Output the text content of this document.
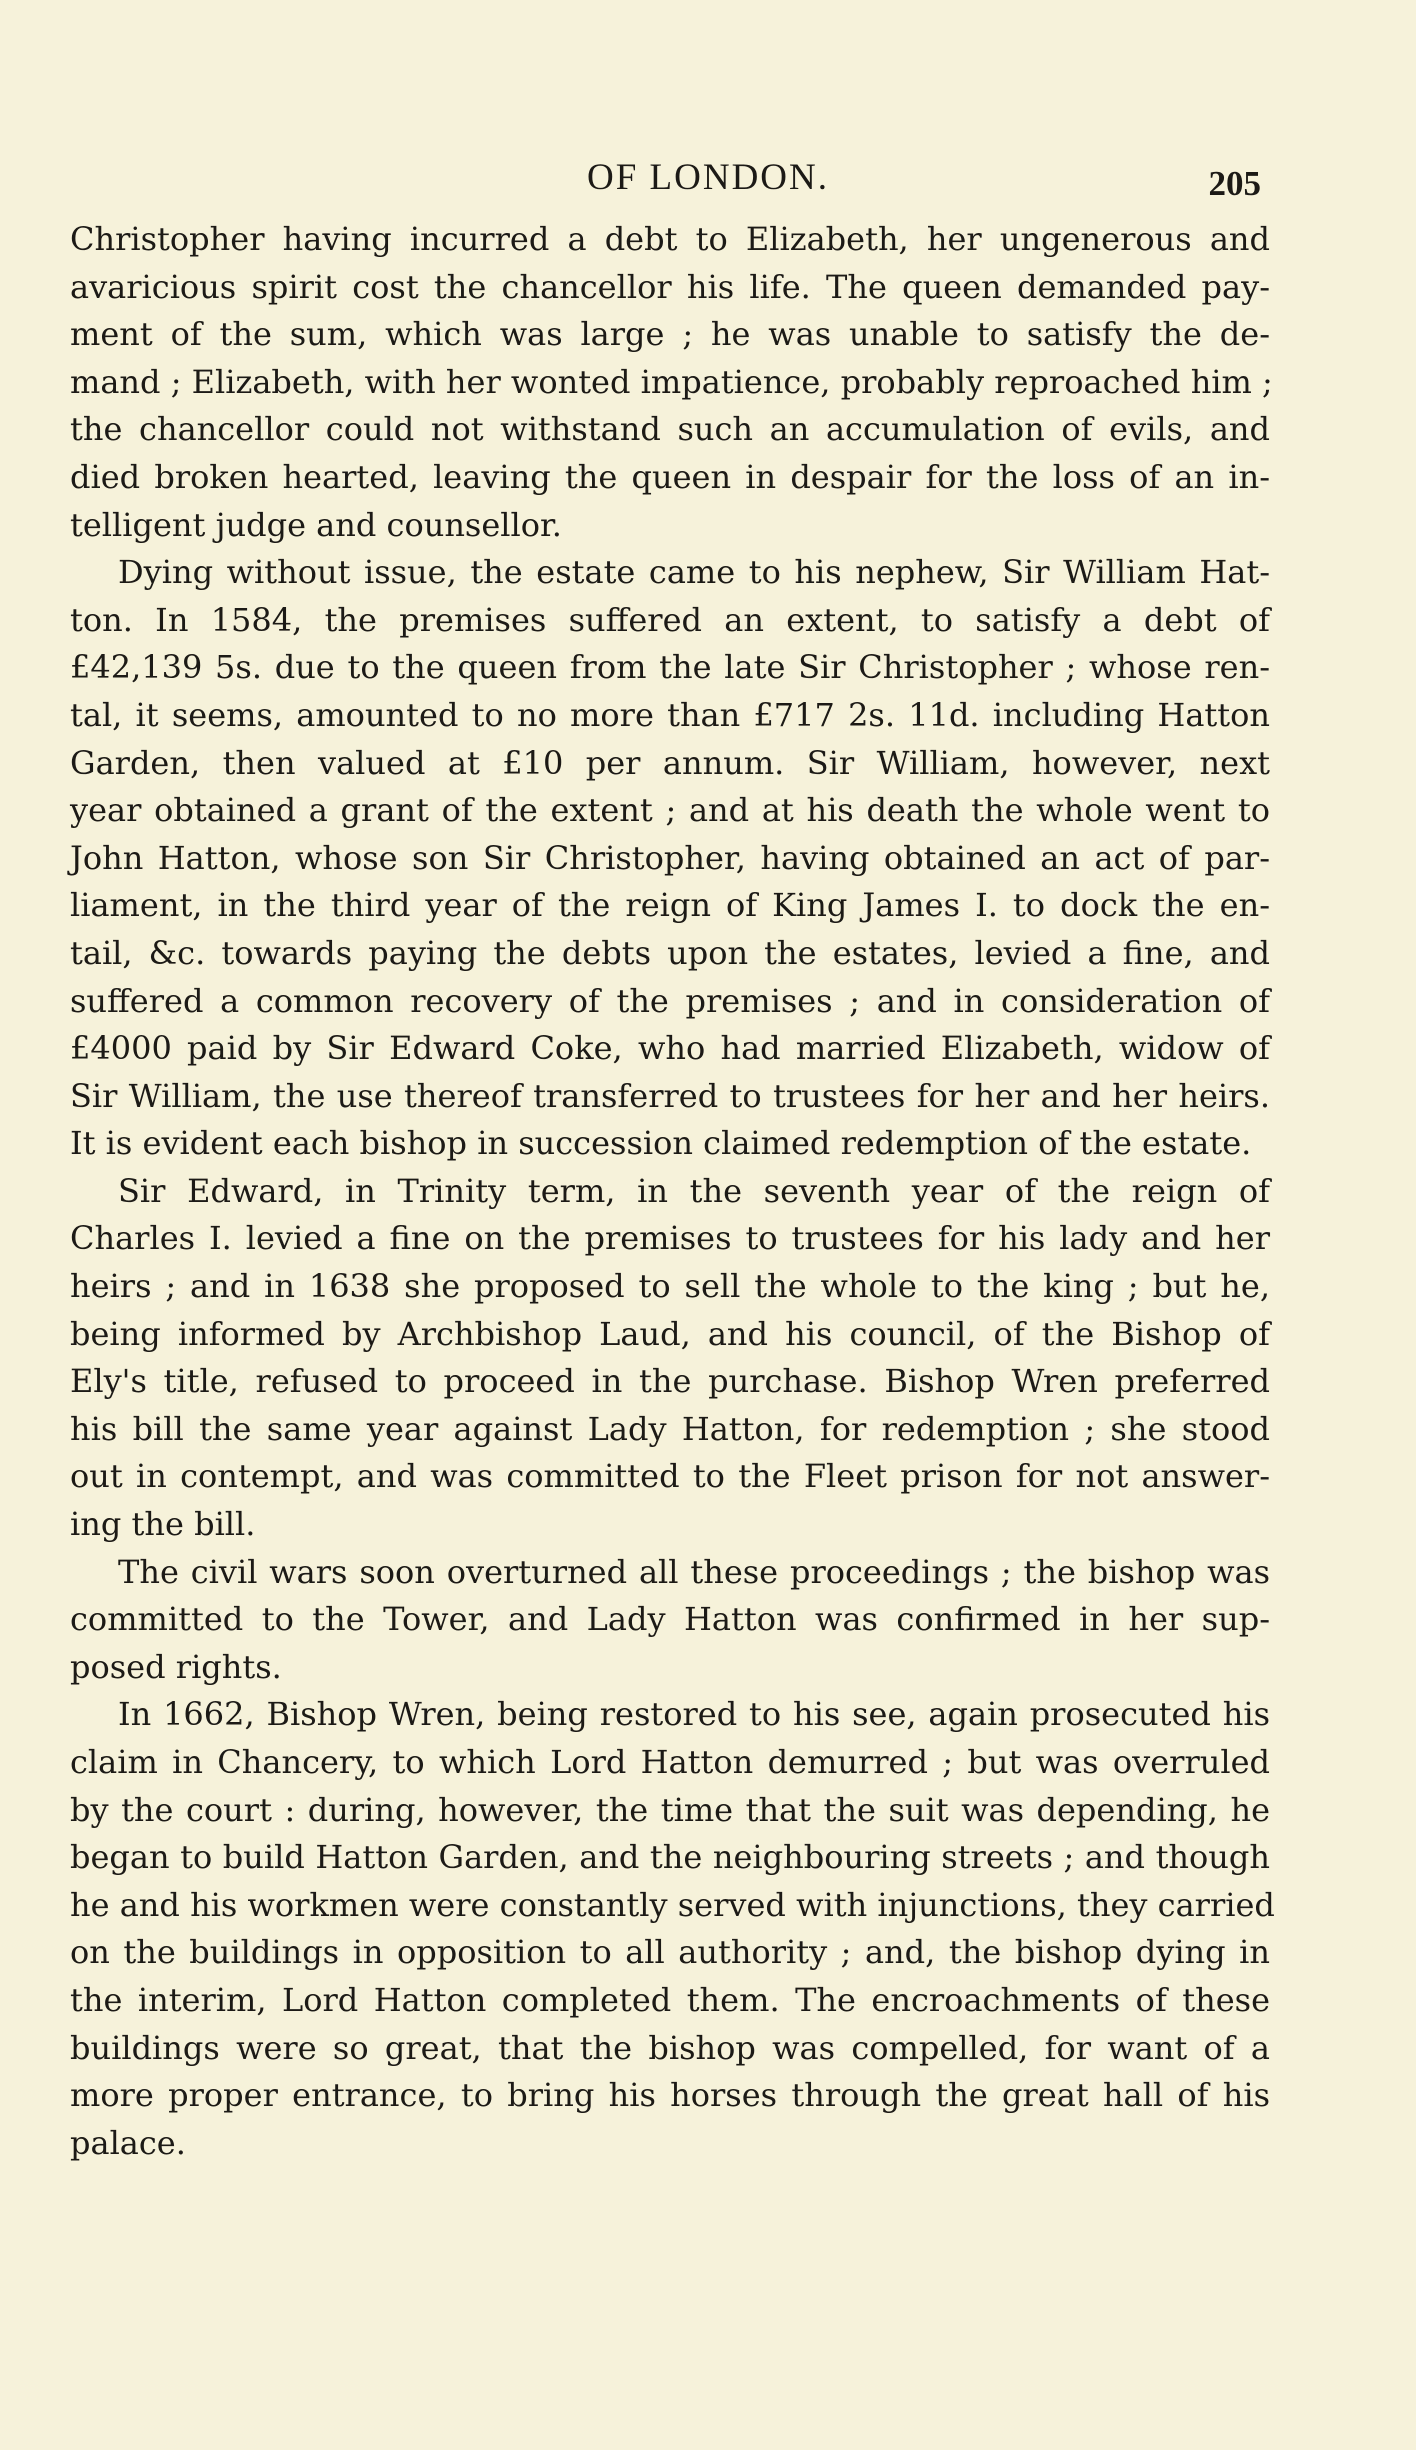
OF LONDON.	205
Christopher having incurred a debt to Elizabeth, her ungenerous and
avaricious spirit cost the chancellor his life. The queen demanded pay-
ment of the sum, which was large ; he was unable to satisfy the de-
mand ; Elizabeth, with her wonted impatience, probably reproached him ;
the chancellor could not withstand such an accumulation of evils, and
died broken hearted, leaving the queen in despair for the loss of an in-
telligent judge and counsellor.
Dying without issue, the estate came to his nephew, Sir William Hat-
ton. In 1584, the premises suffered an extent, to satisfy a debt of
£42,139 5s. due to the queen from the late Sir Christopher ; whose ren-
tal, it seems, amounted to no more than £717 2s. 11d. including Hatton
Garden, then valued at £10 per annum. Sir William, however, next
year obtained a grant of the extent ; and at his death the whole went to
John Hatton, whose son Sir Christopher, having obtained an act of par-
liament, in the third year of the reign of King James I. to dock the en-
tail, &c. towards paying the debts upon the estates, levied a fine, and
suffered a common recovery of the premises ; and in consideration of
£4000 paid by Sir Edward Coke, who had married Elizabeth, widow of
Sir William, the use thereof transferred to trustees for her and her heirs.
It is evident each bishop in succession claimed redemption of the estate.
Sir Edward, in Trinity term, in the seventh year of the reign of
Charles I. levied a fine on the premises to trustees for his lady and her
heirs ; and in 1638 she proposed to sell the whole to the king ; but he,
being informed by Archbishop Laud, and his council, of the Bishop of
Ely's title, refused to proceed in the purchase. Bishop Wren preferred
his bill the same year against Lady Hatton, for redemption ; she stood
out in contempt, and was committed to the Fleet prison for not answer-
ing the bill.
The civil wars soon overturned all these proceedings ; the bishop was
committed to the Tower, and Lady Hatton was confirmed in her sup-
posed rights.
In 1662, Bishop Wren, being restored to his see, again prosecuted his
claim in Chancery, to which Lord Hatton demurred ; but was overruled
by the court : during, however, the time that the suit was depending, he
began to build Hatton Garden, and the neighbouring streets ; and though
he and his workmen were constantly served with injunctions, they carried
on the buildings in opposition to all authority ; and, the bishop dying in
the interim, Lord Hatton completed them. The encroachments of these
buildings were so great, that the bishop was compelled, for want of a
more proper entrance, to bring his horses through the great hall of his
palace.
